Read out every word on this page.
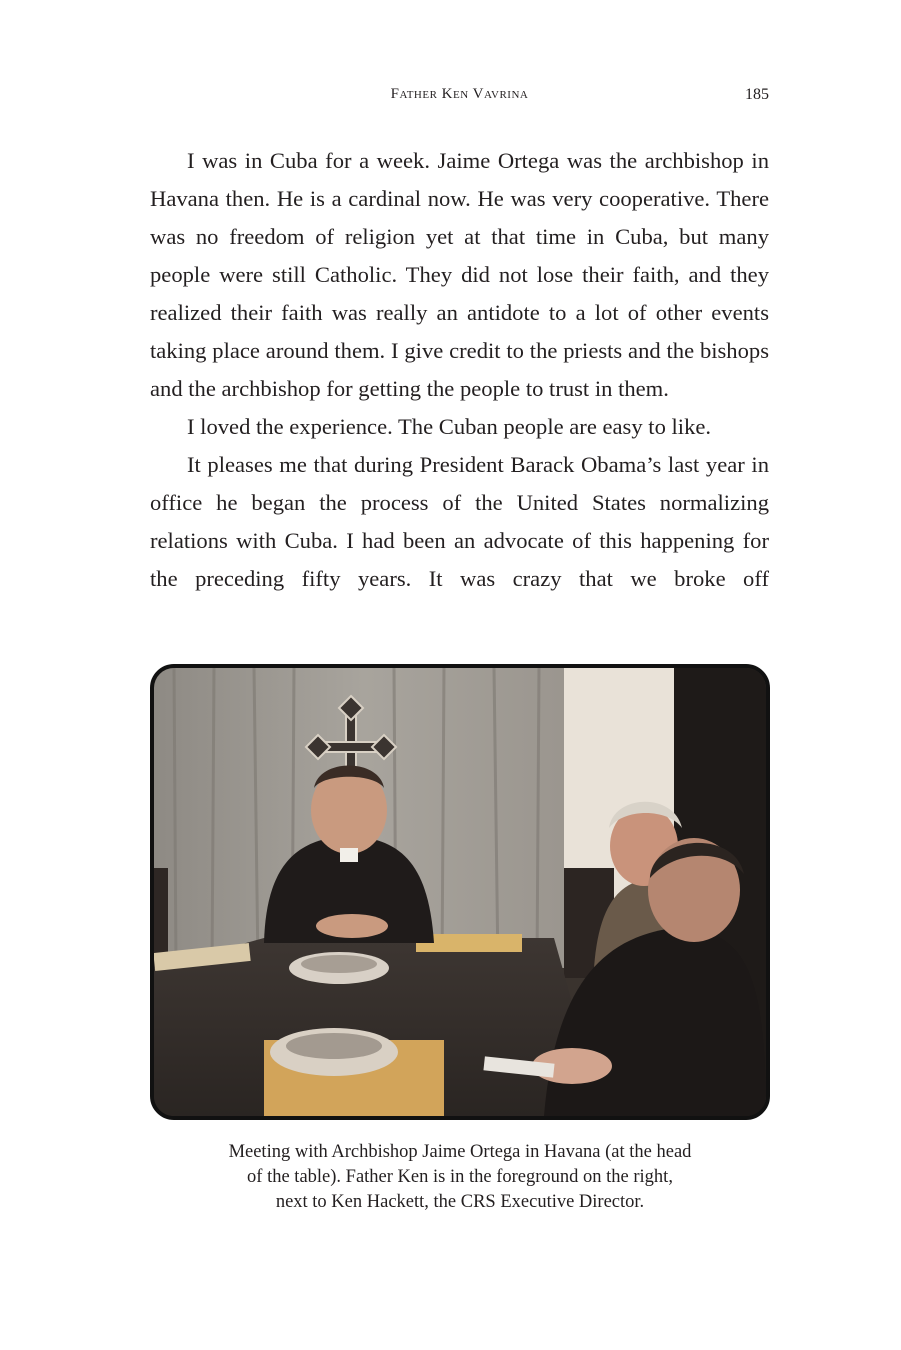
Father Ken Vavrina	185

I was in Cuba for a week. Jaime Ortega was the archbishop in Havana then. He is a cardinal now. He was very cooperative. There was no freedom of religion yet at that time in Cuba, but many people were still Catholic. They did not lose their faith, and they realized their faith was really an antidote to a lot of other events taking place around them. I give credit to the priests and the bishops and the archbishop for getting the people to trust in them.

I loved the experience. The Cuban people are easy to like.

It pleases me that during President Barack Obama’s last year in office he began the process of the United States normalizing relations with Cuba. I had been an advocate of this happening for the preceding fifty years. It was crazy that we broke off

Meeting with Archbishop Jaime Ortega in Havana (at the head
of the table). Father Ken is in the foreground on the right,
next to Ken Hackett, the CRS Executive Director.
